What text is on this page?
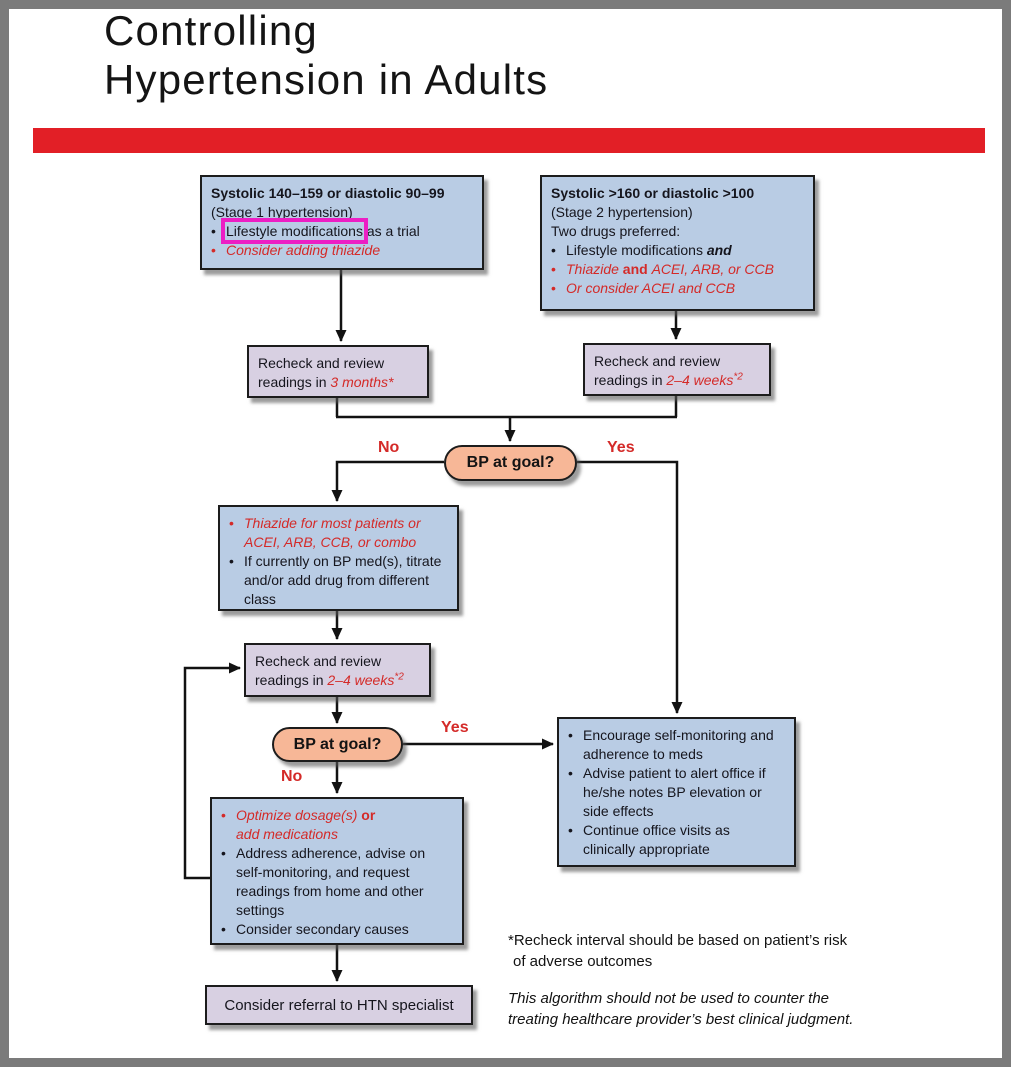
Controlling
Hypertension in Adults
Systolic 140–159 or diastolic 90–99
(Stage 1 hypertension)
•
Lifestyle modifications as a trial
•
Consider adding thiazide
Systolic >160 or diastolic >100
(Stage 2 hypertension)
Two drugs preferred:
•
Lifestyle modifications and
•
Thiazide and ACEI, ARB, or CCB
•
Or consider ACEI and CCB
Recheck and review
readings in 3 months*
Recheck and review
readings in 2–4 weeks$^{*2}$
BP at goal?
No	Yes
•
Thiazide for most patients or
ACEI, ARB, CCB, or combo
•
If currently on BP med(s), titrate and/or add drug from different class
Recheck and review
readings in 2–4 weeks$^{*2}$
BP at goal?
Yes
No
•
Optimize dosage(s) or
add medications
•
Address adherence, advise on self-monitoring, and request readings from home and other settings
•
Consider secondary causes
•
Encourage self-monitoring and adherence to meds
•
Advise patient to alert office if he/she notes BP elevation or side effects
•
Continue office visits as clinically appropriate
Consider referral to HTN specialist
*Recheck interval should be based on patient’s risk
of adverse outcomes
This algorithm should not be used to counter the
treating healthcare provider’s best clinical judgment.
